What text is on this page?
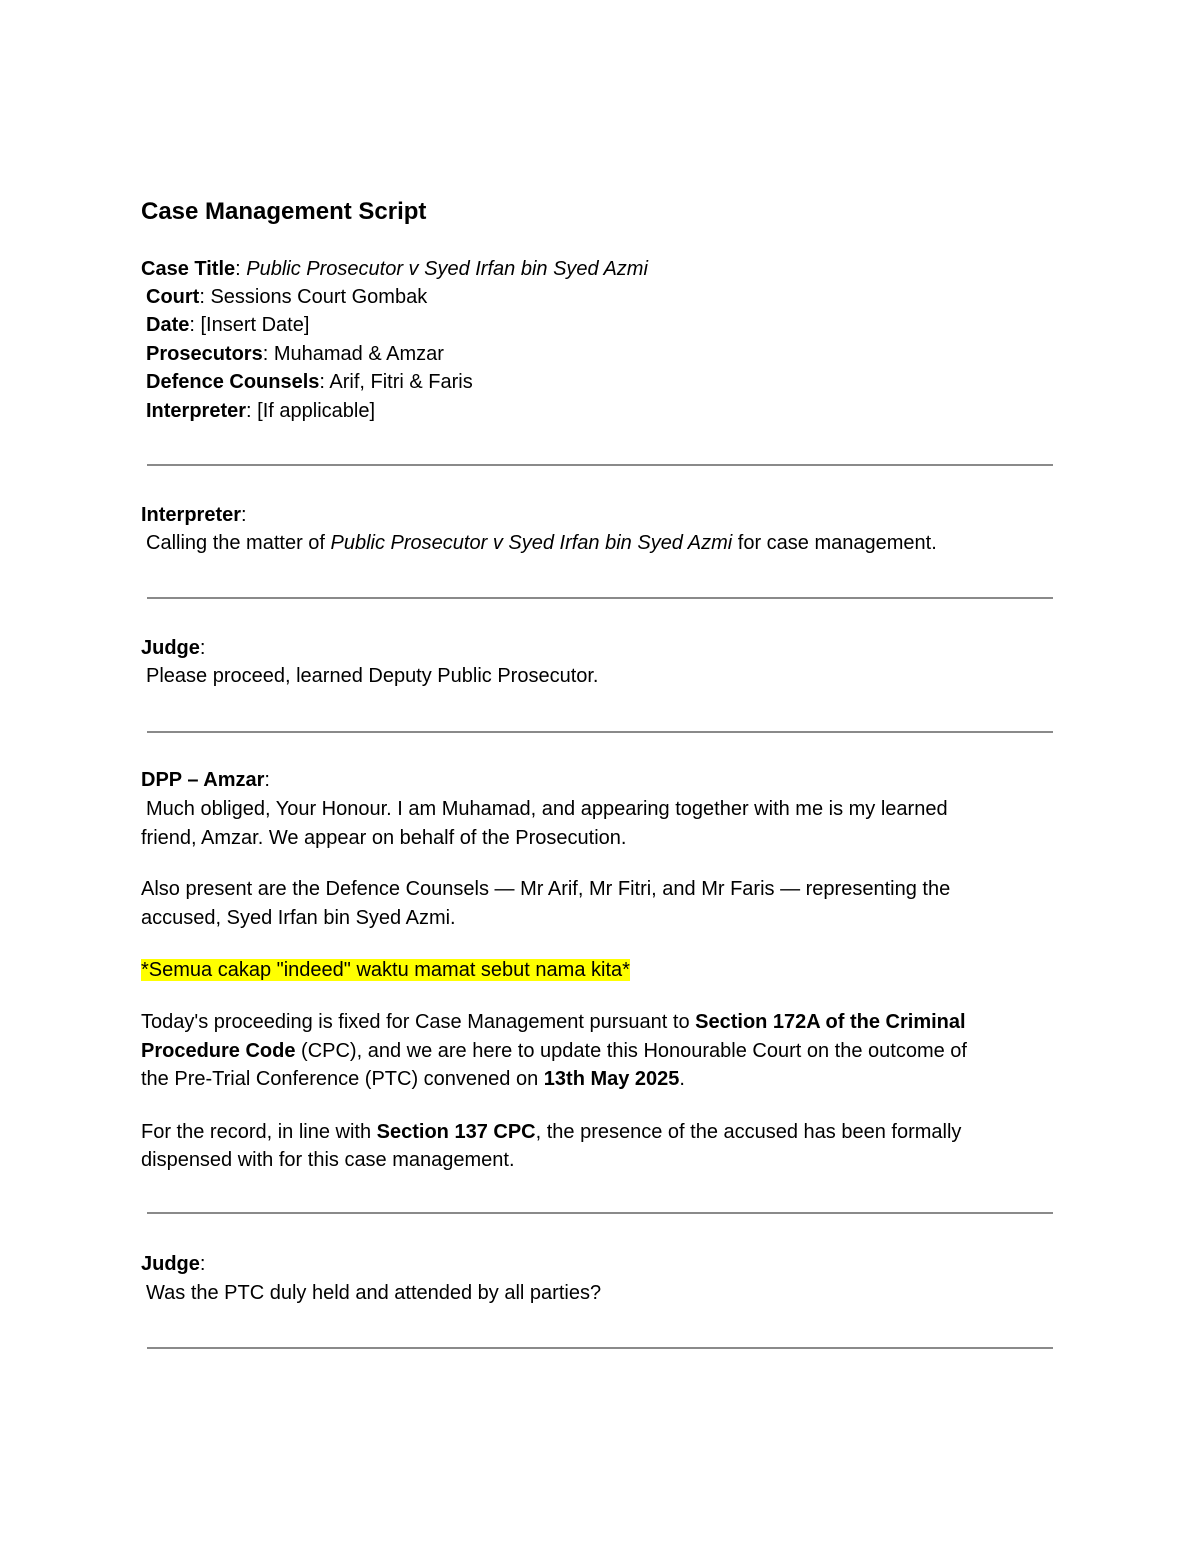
Case Management Script
Case Title: Public Prosecutor v Syed Irfan bin Syed Azmi
Court: Sessions Court Gombak
Date: [Insert Date]
Prosecutors: Muhamad & Amzar
Defence Counsels: Arif, Fitri & Faris
Interpreter: [If applicable]
Interpreter:
Calling the matter of Public Prosecutor v Syed Irfan bin Syed Azmi for case management.
Judge:
Please proceed, learned Deputy Public Prosecutor.
DPP – Amzar:
Much obliged, Your Honour. I am Muhamad, and appearing together with me is my learned
friend, Amzar. We appear on behalf of the Prosecution.
Also present are the Defence Counsels — Mr Arif, Mr Fitri, and Mr Faris — representing the
accused, Syed Irfan bin Syed Azmi.
*Semua cakap "indeed" waktu mamat sebut nama kita*
Today's proceeding is fixed for Case Management pursuant to Section 172A of the Criminal
Procedure Code (CPC), and we are here to update this Honourable Court on the outcome of
the Pre-Trial Conference (PTC) convened on 13th May 2025.
For the record, in line with Section 137 CPC, the presence of the accused has been formally
dispensed with for this case management.
Judge:
Was the PTC duly held and attended by all parties?
